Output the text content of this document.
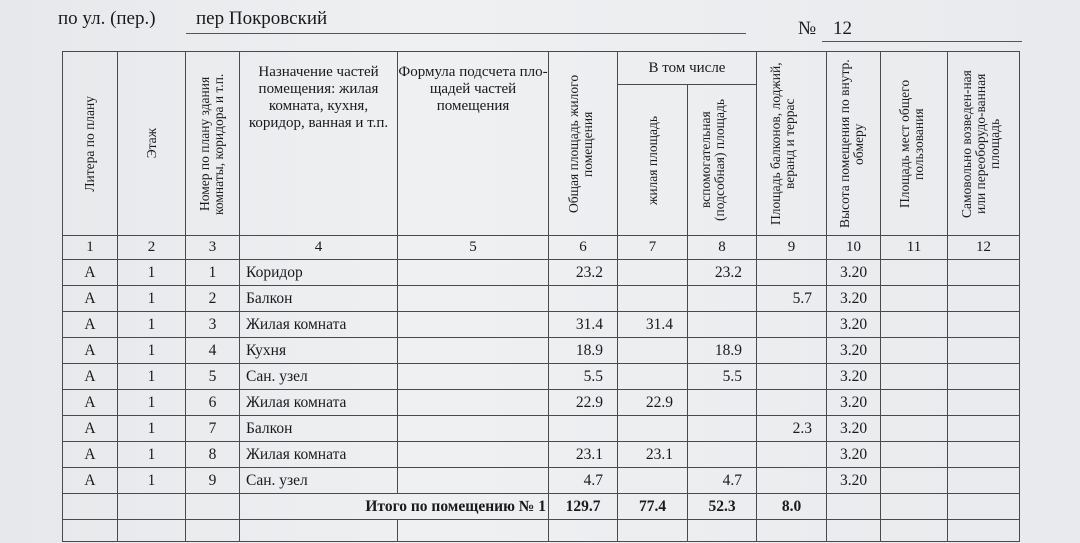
по ул. (пер.) пер Покровский	№ 12
Литера по плану	Этаж	Номер по плану здания комнаты, коридора и т.п.	Назначение частей помещения: жилая комната, кухня, коридор, ванная и т.п.	Формула подсчета пло-щадей частей помещения	Общая площадь жилого помещения	В том числе		Площадь балконов, лоджий, веранд и террас	Высота помещения по внутр. обмеру	Площадь мест общего пользования	Самовольно возведен-ная или переоборудо-ванная площадь

						жилая площадь	вспомогательная (подсобная) площадь				

1	2	3	4	5	6	7	8	9	10	11	12
А	1	1	Коридор		23.2		23.2		3.20		
А	1	2	Балкон					5.7	3.20		
А	1	3	Жилая комната		31.4	31.4			3.20		
А	1	4	Кухня		18.9		18.9		3.20		
А	1	5	Сан. узел		5.5		5.5		3.20		
А	1	6	Жилая комната		22.9	22.9			3.20		
А	1	7	Балкон					2.3	3.20		
А	1	8	Жилая комната		23.1	23.1			3.20		
А	1	9	Сан. узел		4.7		4.7		3.20		
			Итого по помещению № 1		129.7	77.4	52.3	8.0			
